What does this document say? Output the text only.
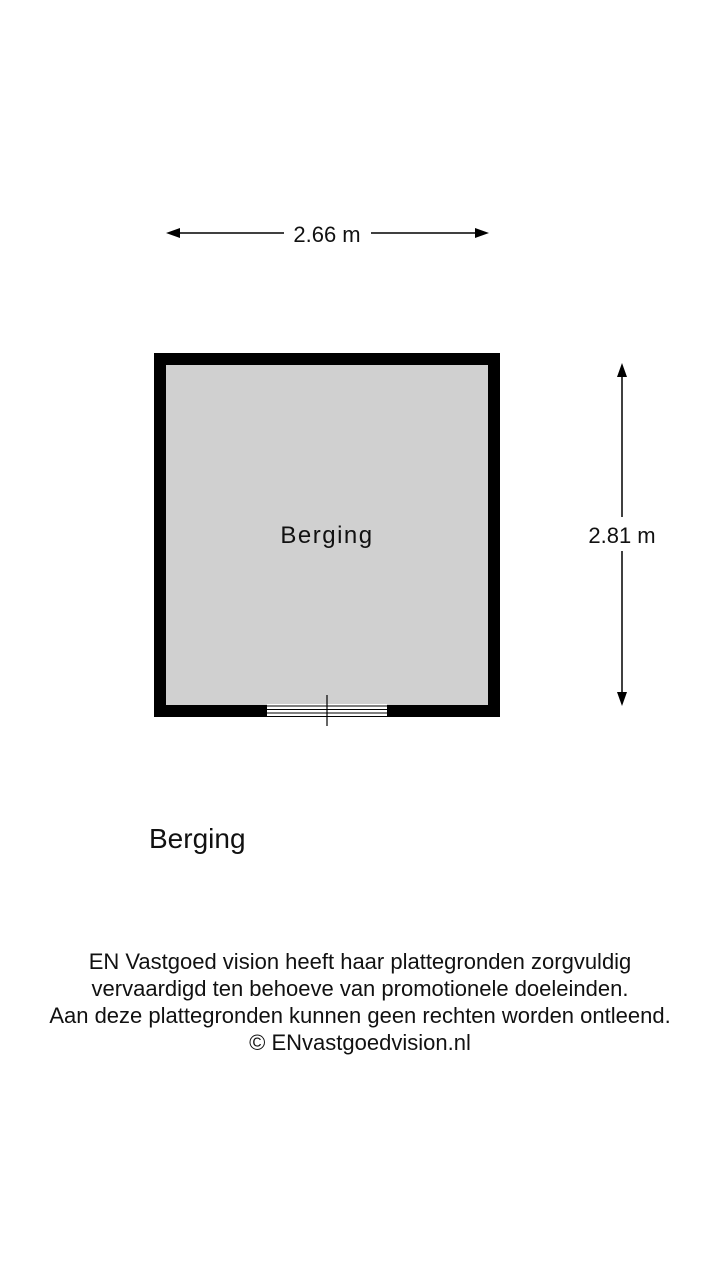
2.66 m
2.81 m
Berging
Berging
EN Vastgoed vision heeft haar plattegronden zorgvuldig
vervaardigd ten behoeve van promotionele doeleinden.
Aan deze plattegronden kunnen geen rechten worden ontleend.
© ENvastgoedvision.nl
